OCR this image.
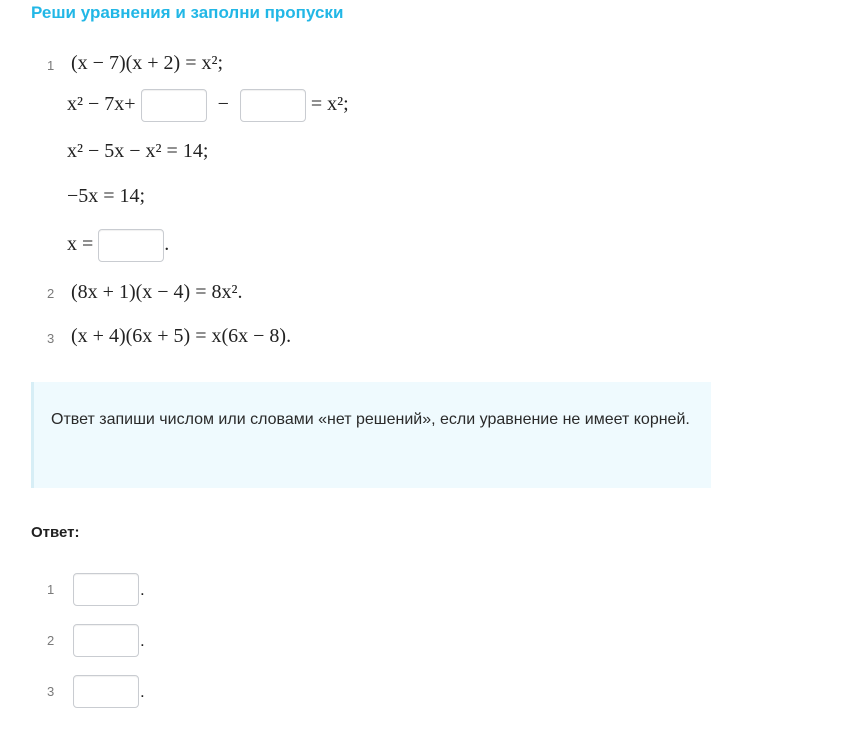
Реши уравнения и заполни пропуски
1 (x − 7)(x + 2) = x²;
x² − 7x+	−	= x²;
x² − 5x − x² = 14;
−5x = 14;
x =	.
2 (8x + 1)(x − 4) = 8x².
3 (x + 4)(6x + 5) = x(6x − 8).
Ответ запиши числом или словами «нет решений», если уравнение не имеет корней.
Ответ:
1	.
2	.
3	.
